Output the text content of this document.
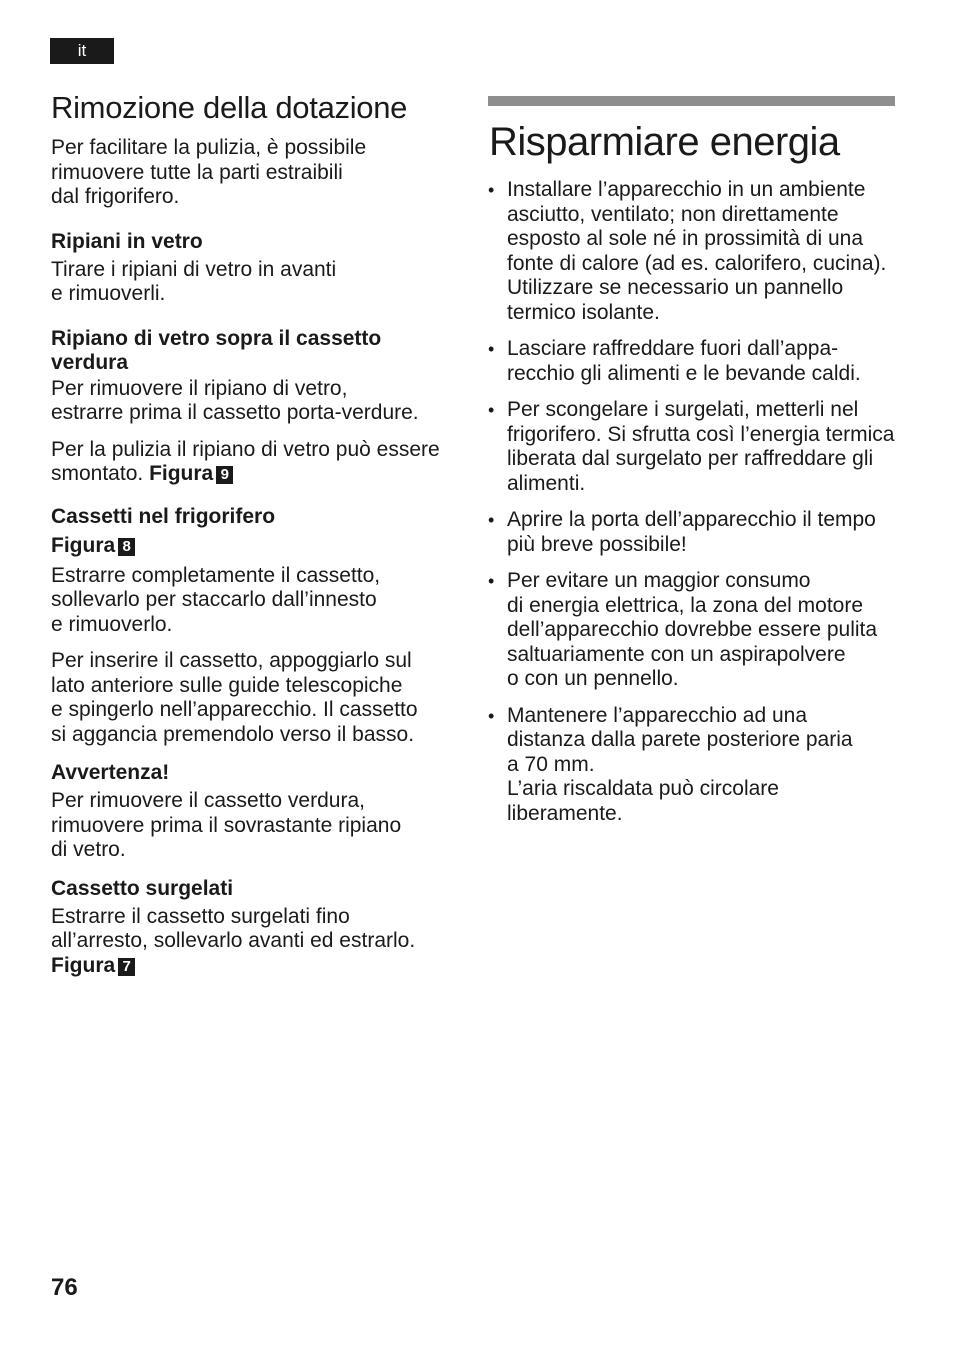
it
Rimozione della dotazione

Per facilitare la pulizia, è possibile
rimuovere tutte la parti estraibili
dal frigorifero.

Ripiani in vetro

Tirare i ripiani di vetro in avanti
e rimuoverli.

Ripiano di vetro sopra il cassetto
verdura

Per rimuovere il ripiano di vetro,
estrarre prima il cassetto porta-verdure.

Per la pulizia il ripiano di vetro può essere
smontato. Figura 9

Cassetti nel frigorifero
Figura 8

Estrarre completamente il cassetto,
sollevarlo per staccarlo dall’innesto
e rimuoverlo.

Per inserire il cassetto, appoggiarlo sul
lato anteriore sulle guide telescopiche
e spingerlo nell’apparecchio. Il cassetto
si aggancia premendolo verso il basso.

Avvertenza!

Per rimuovere il cassetto verdura,
rimuovere prima il sovrastante ripiano
di vetro.

Cassetto surgelati

Estrarre il cassetto surgelati fino
all’arresto, sollevarlo avanti ed estrarlo.
Figura 7

Risparmiare energia
• Installare l’apparecchio in un ambiente
asciutto, ventilato; non direttamente
esposto al sole né in prossimità di una
fonte di calore (ad es. calorifero, cucina).
Utilizzare se necessario un pannello
termico isolante.
• Lasciare raffreddare fuori dall’appa-
recchio gli alimenti e le bevande caldi.
• Per scongelare i surgelati, metterli nel
frigorifero. Si sfrutta così l’energia termica
liberata dal surgelato per raffreddare gli
alimenti.
• Aprire la porta dell’apparecchio il tempo
più breve possibile!
• Per evitare un maggior consumo
di energia elettrica, la zona del motore
dell’apparecchio dovrebbe essere pulita
saltuariamente con un aspirapolvere
o con un pennello.
• Mantenere l’apparecchio ad una
distanza dalla parete posteriore paria
a 70 mm.
L’aria riscaldata può circolare
liberamente.
76
